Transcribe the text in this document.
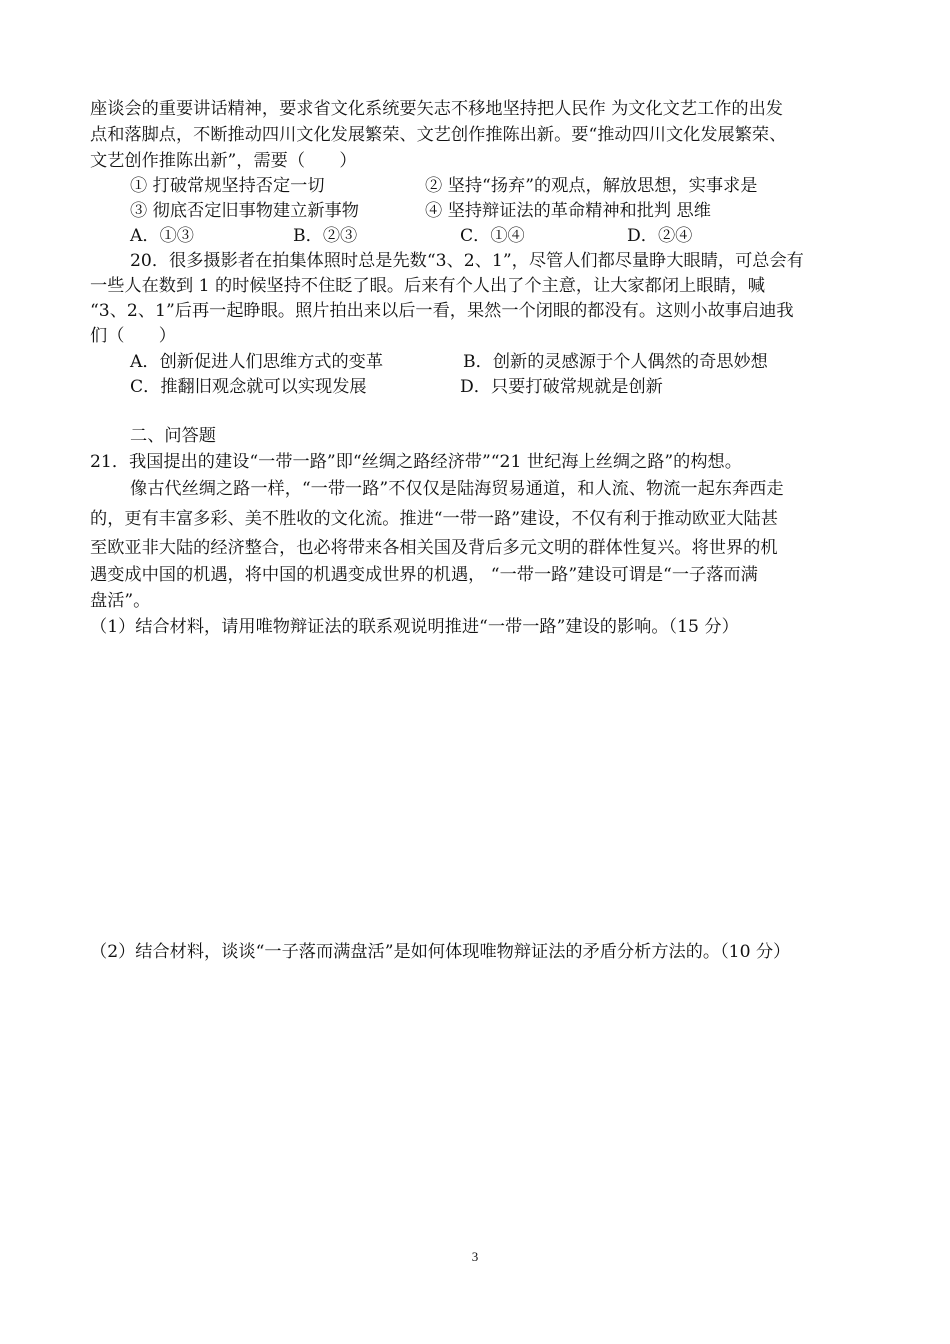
座谈会的重要讲话精神，要求省文化系统要矢志不移地坚持把人民作 为文化文艺工作的出发
点和落脚点，不断推动四川文化发展繁荣、文艺创作推陈出新。要“推动四川文化发展繁荣、
文艺创作推陈出新”，需要（　　）
① 打破常规坚持否定一切	② 坚持“扬弃”的观点，解放思想，实事求是
③ 彻底否定旧事物建立新事物	④ 坚持辩证法的革命精神和批判 思维
A．①③	B．②③	C．①④	D．②④
20．很多摄影者在拍集体照时总是先数“3、2、1”，尽管人们都尽量睁大眼睛，可总会有
一些人在数到 1 的时候坚持不住眨了眼。后来有个人出了个主意，让大家都闭上眼睛，喊
“3、2、1”后再一起睁眼。照片拍出来以后一看，果然一个闭眼的都没有。这则小故事启迪我
们（　　）
A．创新促进人们思维方式的变革	B．创新的灵感源于个人偶然的奇思妙想
C．推翻旧观念就可以实现发展	D．只要打破常规就是创新
二、问答题
21．我国提出的建设“一带一路”即“丝绸之路经济带”“21 世纪海上丝绸之路”的构想。
像古代丝绸之路一样，“一带一路”不仅仅是陆海贸易通道，和人流、物流一起东奔西走
的，更有丰富多彩、美不胜收的文化流。推进“一带一路”建设，不仅有利于推动欧亚大陆甚
至欧亚非大陆的经济整合，也必将带来各相关国及背后多元文明的群体性复兴。将世界的机
遇变成中国的机遇，将中国的机遇变成世界的机遇， “一带一路”建设可谓是“一子落而满
盘活”。
（1）结合材料，请用唯物辩证法的联系观说明推进“一带一路”建设的影响。（15 分）
（2）结合材料，谈谈“一子落而满盘活”是如何体现唯物辩证法的矛盾分析方法的。（10 分）
3
